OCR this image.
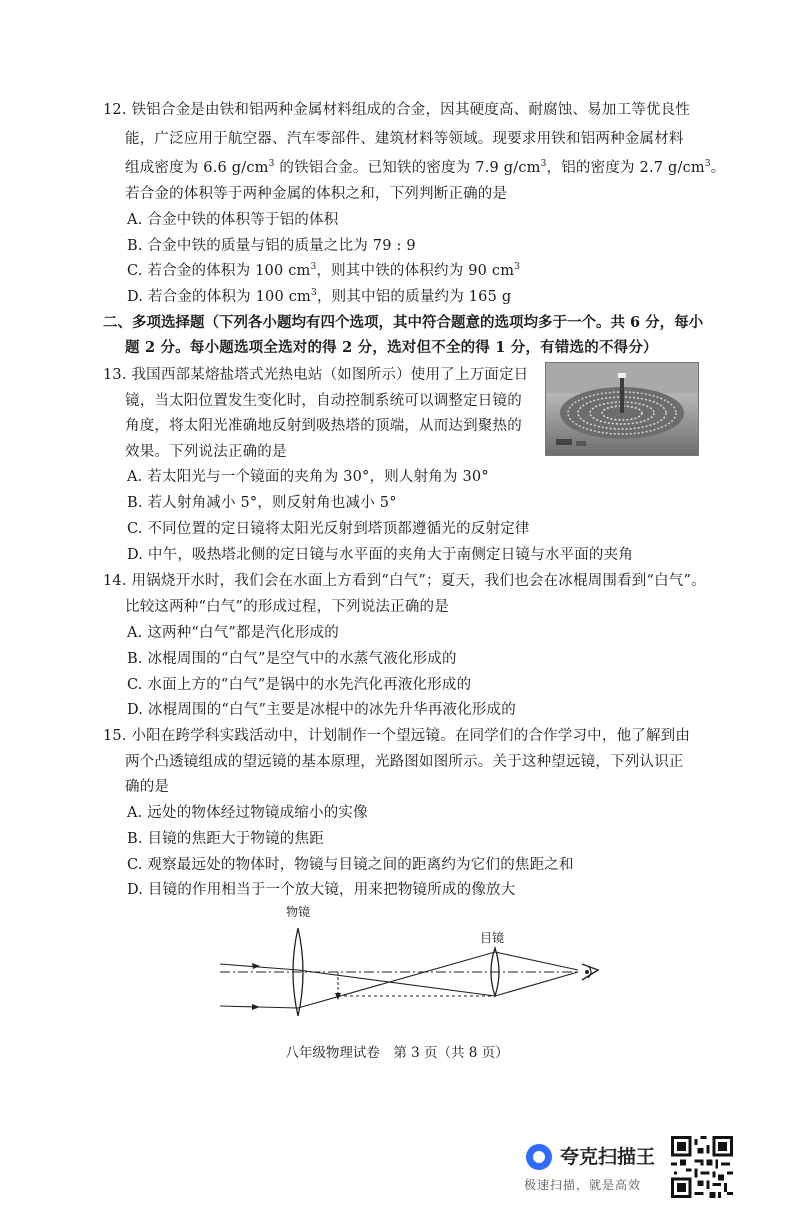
12. 铁铝合金是由铁和铝两种金属材料组成的合金，因其硬度高、耐腐蚀、易加工等优良性
能，广泛应用于航空器、汽车零部件、建筑材料等领域。现要求用铁和铝两种金属材料
组成密度为 6.6 $g/cm^3$ 的铁铝合金。已知铁的密度为 7.9 $g/cm^3$，铝的密度为 2.7 $g/cm^3$。
若合金的体积等于两种金属的体积之和，下列判断正确的是
A. 合金中铁的体积等于铝的体积
B. 合金中铁的质量与铝的质量之比为 79 : 9
C. 若合金的体积为 100 $cm^3$，则其中铁的体积约为 90 $cm^3$
D. 若合金的体积为 100 $cm^3$，则其中铝的质量约为 165 g
二、多项选择题（下列各小题均有四个选项，其中符合题意的选项均多于一个。共 6 分，每小
题 2 分。每小题选项全选对的得 2 分，选对但不全的得 1 分，有错选的不得分）
13. 我国西部某熔盐塔式光热电站（如图所示）使用了上万面定日
镜，当太阳位置发生变化时，自动控制系统可以调整定日镜的
角度，将太阳光准确地反射到吸热塔的顶端，从而达到聚热的
效果。下列说法正确的是
A. 若太阳光与一个镜面的夹角为 30°，则人射角为 30°
B. 若人射角减小 5°，则反射角也减小 5°
C. 不同位置的定日镜将太阳光反射到塔顶都遵循光的反射定律
D. 中午，吸热塔北侧的定日镜与水平面的夹角大于南侧定日镜与水平面的夹角
14. 用锅烧开水时，我们会在水面上方看到“白气”；夏天，我们也会在冰棍周围看到“白气”。
比较这两种“白气”的形成过程，下列说法正确的是
A. 这两种“白气”都是汽化形成的
B. 冰棍周围的“白气”是空气中的水蒸气液化形成的
C. 水面上方的“白气”是锅中的水先汽化再液化形成的
D. 冰棍周围的“白气”主要是冰棍中的冰先升华再液化形成的
15. 小阳在跨学科实践活动中，计划制作一个望远镜。在同学们的合作学习中，他了解到由
两个凸透镜组成的望远镜的基本原理，光路图如图所示。关于这种望远镜，下列认识正
确的是
A. 远处的物体经过物镜成缩小的实像
B. 目镜的焦距大于物镜的焦距
C. 观察最远处的物体时，物镜与目镜之间的距离约为它们的焦距之和
D. 目镜的作用相当于一个放大镜，用来把物镜所成的像放大
物镜
目镜
八年级物理试卷　第 3 页（共 8 页）
夸克扫描王
极速扫描，就是高效
